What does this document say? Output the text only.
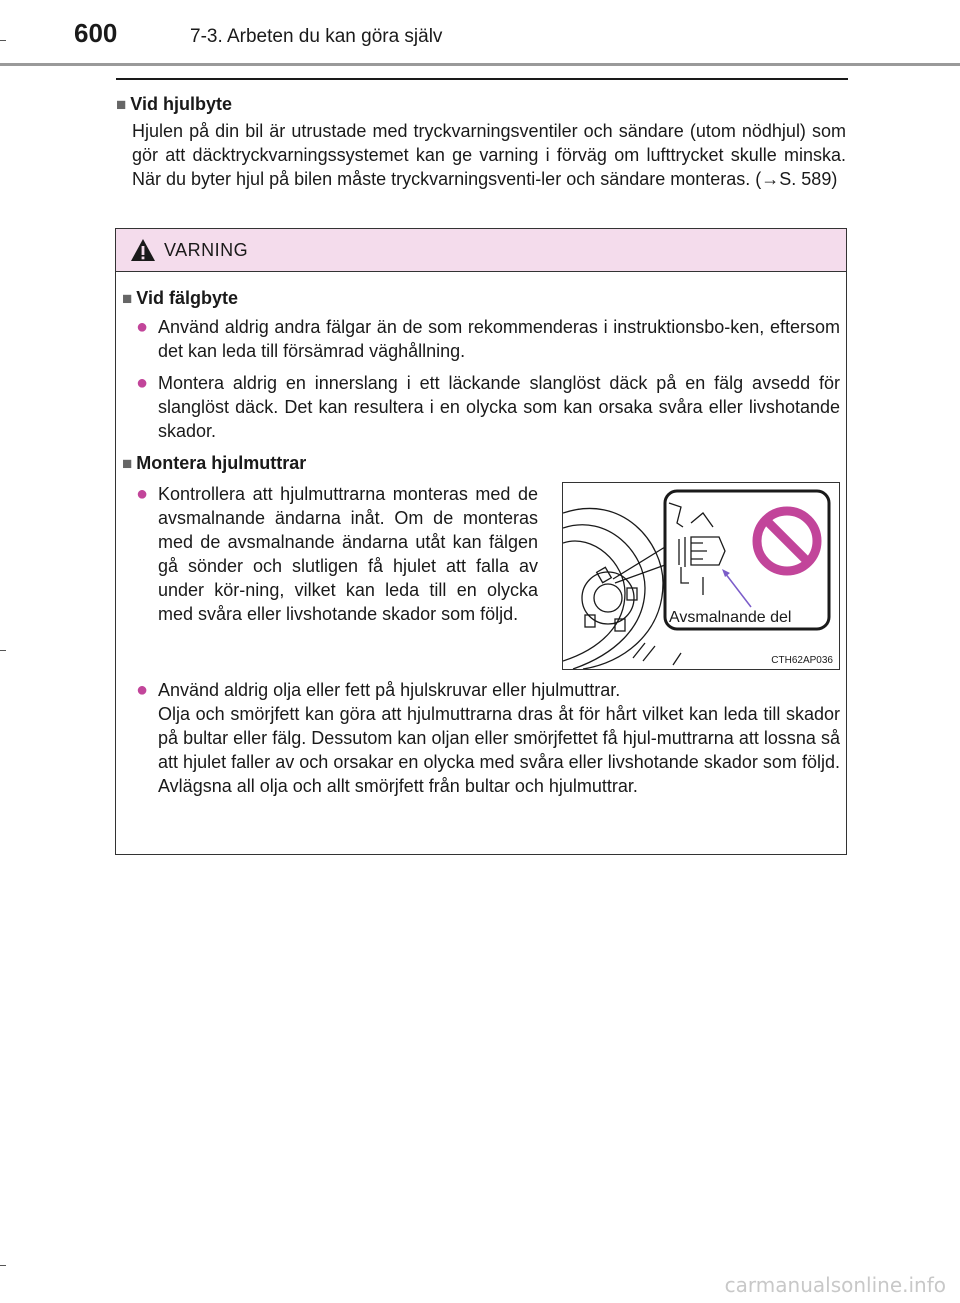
600	7-3. Arbeten du kan göra själv
■ Vid hjulbyte
Hjulen på din bil är utrustade med tryckvarningsventiler och sändare (utom nödhjul) som gör att däcktryckvarningssystemet kan ge varning i förväg om lufttrycket skulle minska. När du byter hjul på bilen måste tryckvarningsventi-ler och sändare monteras. (→S. 589)
VARNING
■ Vid fälgbyte
● Använd aldrig andra fälgar än de som rekommenderas i instruktionsbo-ken, eftersom det kan leda till försämrad väghållning.
● Montera aldrig en innerslang i ett läckande slanglöst däck på en fälg avsedd för slanglöst däck. Det kan resultera i en olycka som kan orsaka svåra eller livshotande skador.
■ Montera hjulmuttrar
● Kontrollera att hjulmuttrarna monteras med de avsmalnande ändarna inåt. Om de monteras med de avsmalnande ändarna utåt kan fälgen gå sönder och slutligen få hjulet att falla av under kör-ning, vilket kan leda till en olycka med svåra eller livshotande skador som följd.	Avsmalnande del
CTH62AP036
● Använd aldrig olja eller fett på hjulskruvar eller hjulmuttrar.
Olja och smörjfett kan göra att hjulmuttrarna dras åt för hårt vilket kan leda till skador på bultar eller fälg. Dessutom kan oljan eller smörjfettet få hjul-muttrarna att lossna så att hjulet faller av och orsakar en olycka med svåra eller livshotande skador som följd. Avlägsna all olja och allt smörjfett från bultar och hjulmuttrar.
carmanualsonline.info
